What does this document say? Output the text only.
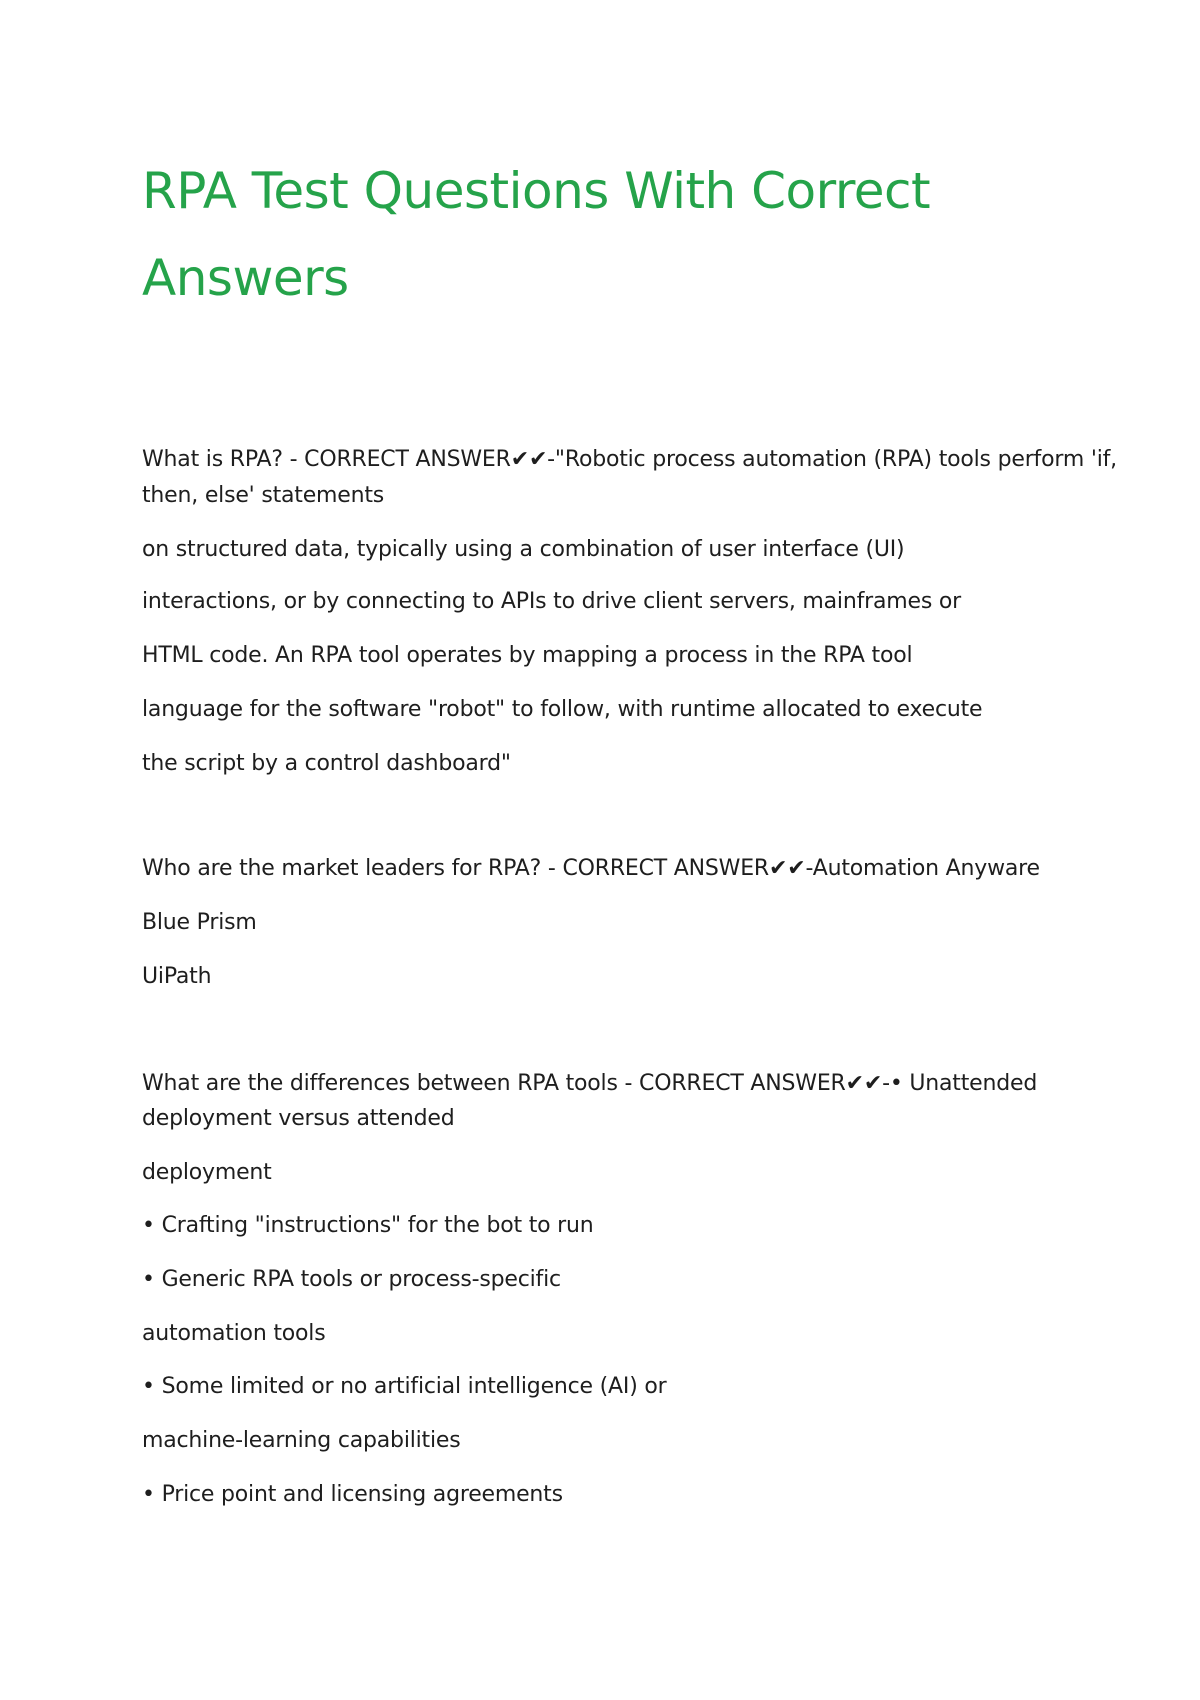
RPA Test Questions With Correct
Answers

What is RPA? - CORRECT ANSWER✔✔-"Robotic process automation (RPA) tools perform 'if,

then, else' statements

on structured data, typically using a combination of user interface (UI)

interactions, or by connecting to APIs to drive client servers, mainframes or

HTML code. An RPA tool operates by mapping a process in the RPA tool

language for the software "robot" to follow, with runtime allocated to execute

the script by a control dashboard"

Who are the market leaders for RPA? - CORRECT ANSWER✔✔-Automation Anyware

Blue Prism

UiPath

What are the differences between RPA tools - CORRECT ANSWER✔✔-• Unattended

deployment versus attended

deployment

• Crafting "instructions" for the bot to run

• Generic RPA tools or process-specific

automation tools

• Some limited or no artificial intelligence (AI) or

machine-learning capabilities

• Price point and licensing agreements
